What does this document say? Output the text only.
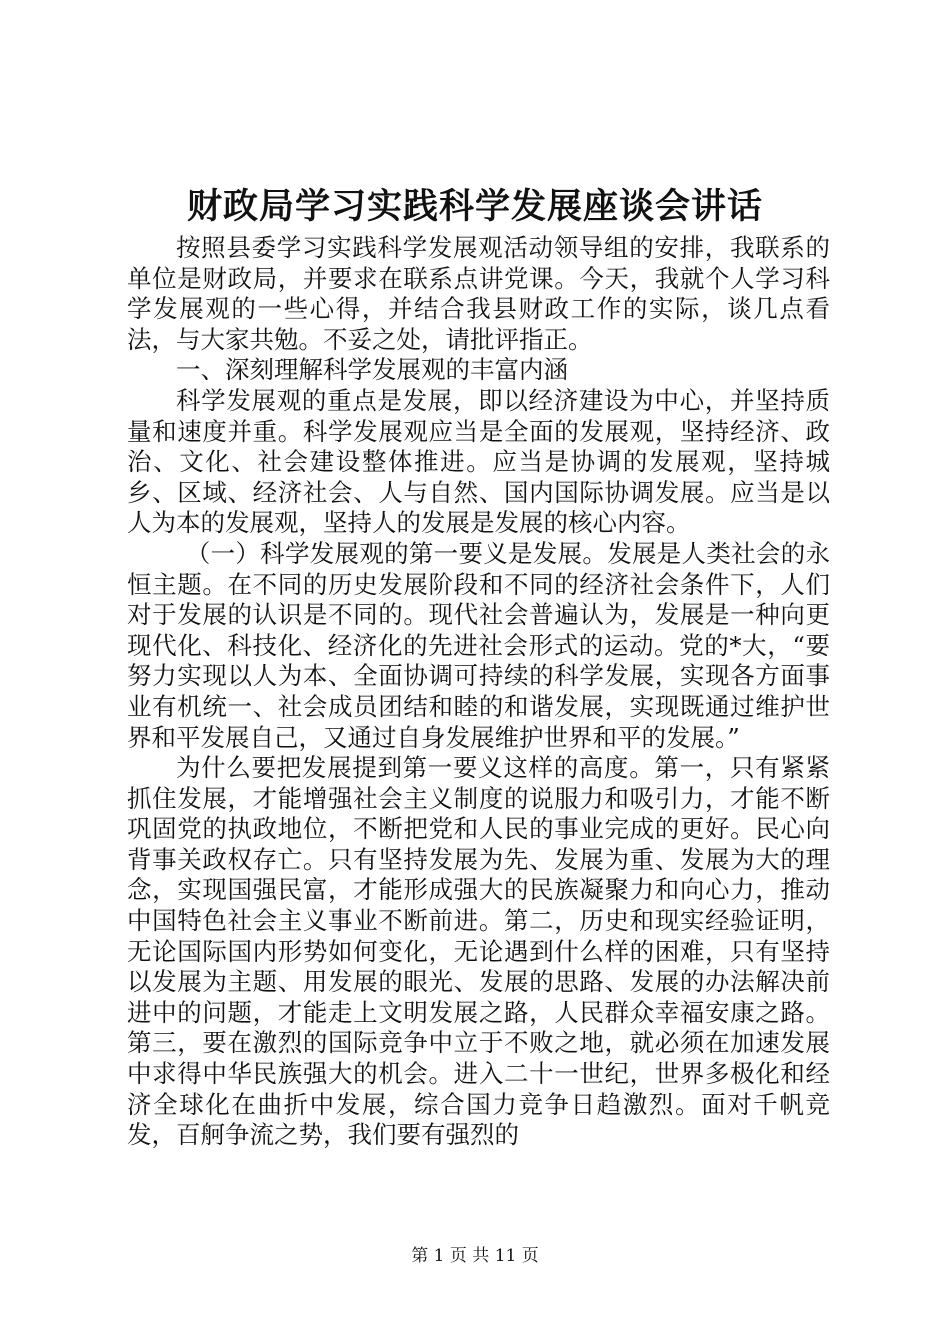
财政局学习实践科学发展座谈会讲话

按照县委学习实践科学发展观活动领导组的安排，我联系的单位是财政局，并要求在联系点讲党课。今天，我就个人学习科学发展观的一些心得，并结合我县财政工作的实际，谈几点看法，与大家共勉。不妥之处，请批评指正。

一、深刻理解科学发展观的丰富内涵

科学发展观的重点是发展，即以经济建设为中心，并坚持质量和速度并重。科学发展观应当是全面的发展观，坚持经济、政治、文化、社会建设整体推进。应当是协调的发展观，坚持城乡、区域、经济社会、人与自然、国内国际协调发展。应当是以人为本的发展观，坚持人的发展是发展的核心内容。

（一）科学发展观的第一要义是发展。发展是人类社会的永恒主题。在不同的历史发展阶段和不同的经济社会条件下，人们对于发展的认识是不同的。现代社会普遍认为，发展是一种向更现代化、科技化、经济化的先进社会形式的运动。党的*大，“要努力实现以人为本、全面协调可持续的科学发展，实现各方面事业有机统一、社会成员团结和睦的和谐发展，实现既通过维护世界和平发展自己，又通过自身发展维护世界和平的发展。”

为什么要把发展提到第一要义这样的高度。第一，只有紧紧抓住发展，才能增强社会主义制度的说服力和吸引力，才能不断巩固党的执政地位，不断把党和人民的事业完成的更好。民心向背事关政权存亡。只有坚持发展为先、发展为重、发展为大的理念，实现国强民富，才能形成强大的民族凝聚力和向心力，推动中国特色社会主义事业不断前进。第二，历史和现实经验证明，无论国际国内形势如何变化，无论遇到什么样的困难，只有坚持以发展为主题、用发展的眼光、发展的思路、发展的办法解决前进中的问题，才能走上文明发展之路，人民群众幸福安康之路。第三，要在激烈的国际竞争中立于不败之地，就必须在加速发展中求得中华民族强大的机会。进入二十一世纪，世界多极化和经济全球化在曲折中发展，综合国力竞争日趋激烈。面对千帆竞发，百舸争流之势，我们要有强烈的

第 1 页 共 11 页
